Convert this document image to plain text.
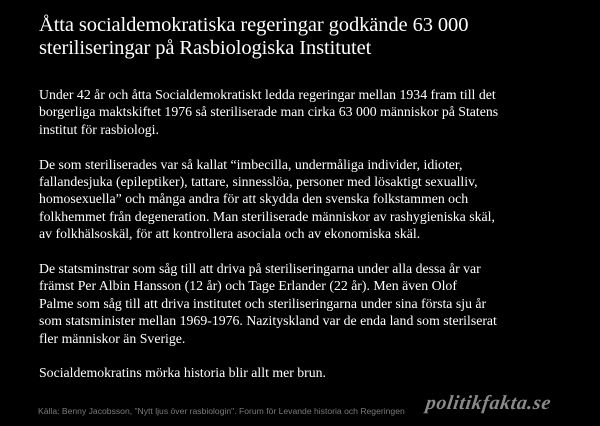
Åtta socialdemokratiska regeringar godkände 63 000
steriliseringar på Rasbiologiska Institutet

Under 42 år och åtta Socialdemokratiskt ledda regeringar mellan 1934 fram till det
borgerliga maktskiftet 1976 så steriliserade man cirka 63 000 människor på Statens
institut för rasbiologi.

De som steriliserades var så kallat “imbecilla, undermåliga individer, idioter,
fallandesjuka (epileptiker), tattare, sinnesslöa, personer med lösaktigt sexualliv,
homosexuella” och många andra för att skydda den svenska folkstammen och
folkhemmet från degeneration. Man steriliserade människor av rashygieniska skäl,
av folkhälsoskäl, för att kontrollera asociala och av ekonomiska skäl.

De statsminstrar som såg till att driva på steriliseringarna under alla dessa år var
främst Per Albin Hansson (12 år) och Tage Erlander (22 år). Men även Olof
Palme som såg till att driva institutet och steriliseringarna under sina första sju år
som statsminister mellan 1969-1976. Nazityskland var de enda land som sterilserat
fler människor än Sverige.

Socialdemokratins mörka historia blir allt mer brun.

Källa: Benny Jacobsson, "Nytt ljus över rasbiologin". Forum för Levande historia och Regeringen politikfakta.se
